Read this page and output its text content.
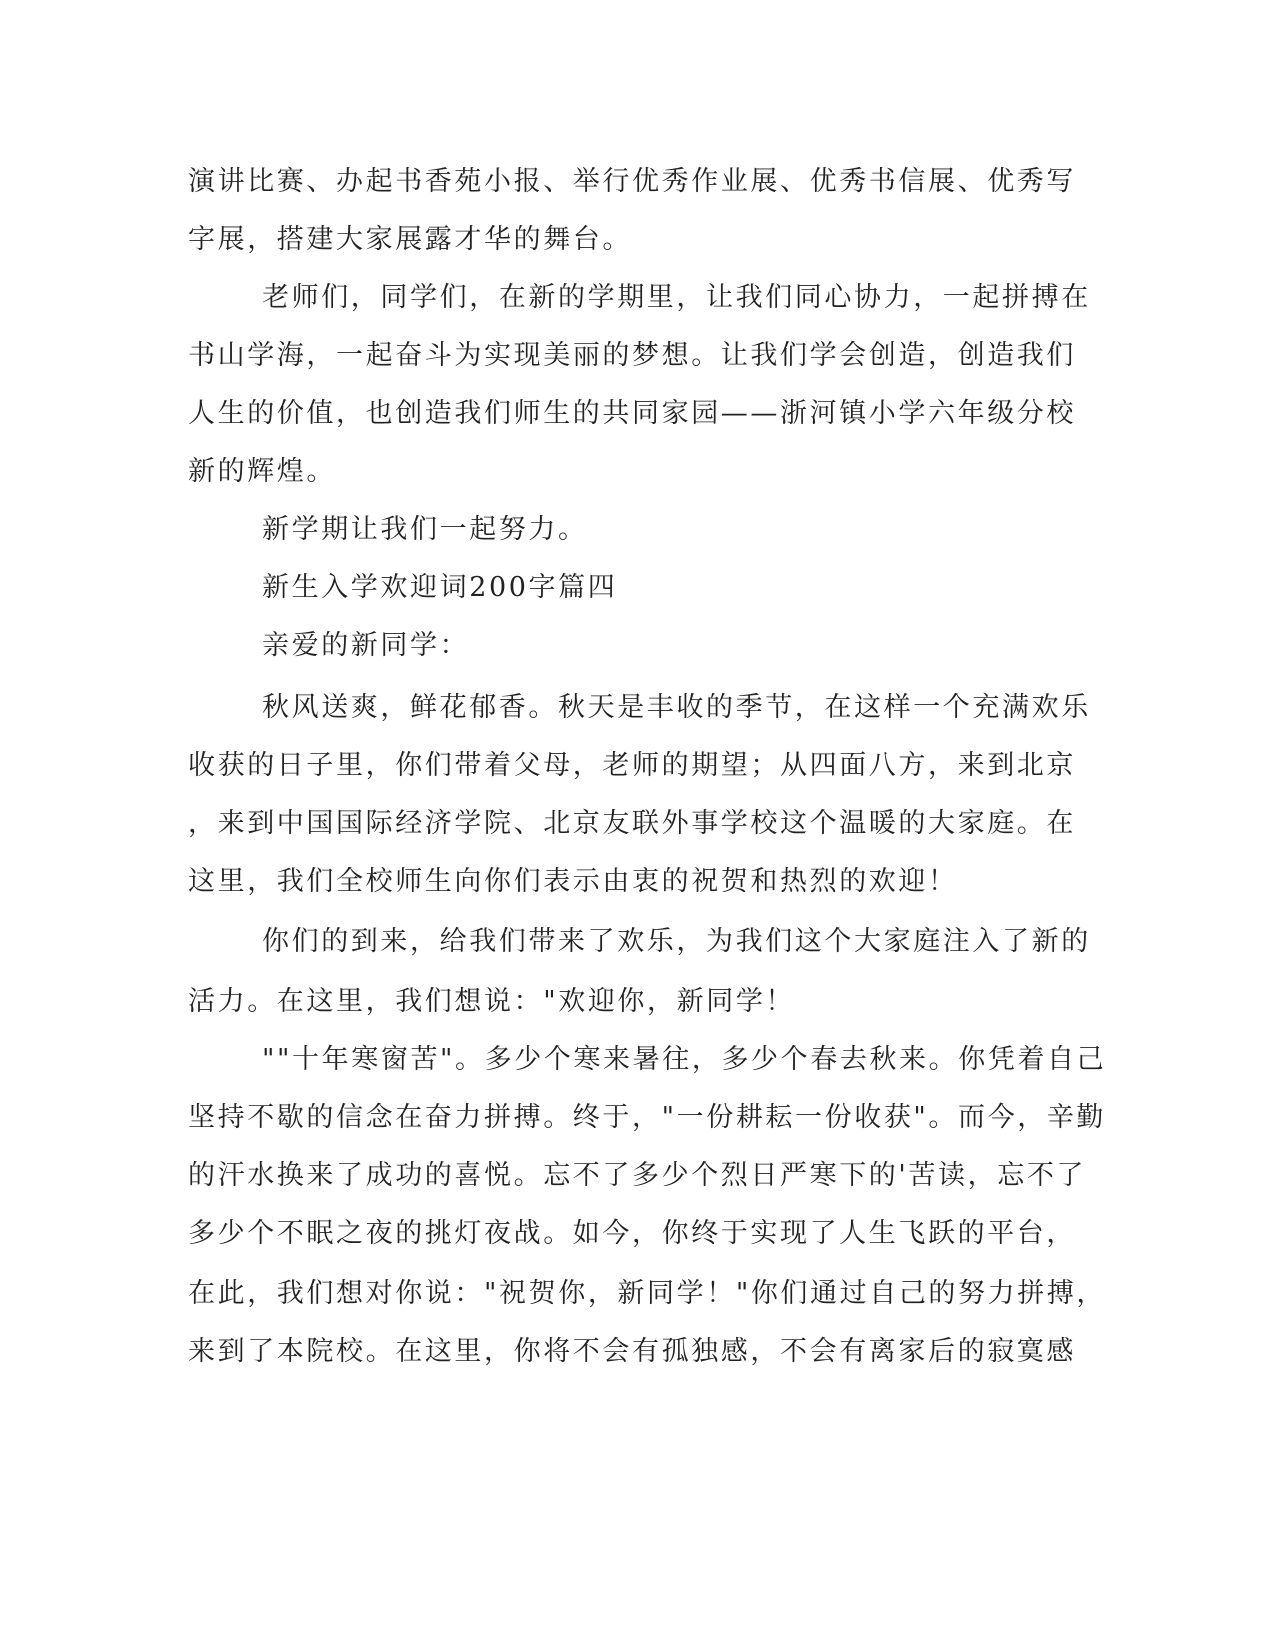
演讲比赛、办起书香苑小报、举行优秀作业展、优秀书信展、优秀写

字展，搭建大家展露才华的舞台。

老师们，同学们，在新的学期里，让我们同心协力，一起拼搏在

书山学海，一起奋斗为实现美丽的梦想。让我们学会创造，创造我们

人生的价值，也创造我们师生的共同家园——浙河镇小学六年级分校

新的辉煌。

新学期让我们一起努力。

新生入学欢迎词200字篇四

亲爱的新同学：

秋风送爽，鲜花郁香。秋天是丰收的季节，在这样一个充满欢乐

收获的日子里，你们带着父母，老师的期望；从四面八方，来到北京

，来到中国国际经济学院、北京友联外事学校这个温暖的大家庭。在

这里，我们全校师生向你们表示由衷的祝贺和热烈的欢迎！

你们的到来，给我们带来了欢乐，为我们这个大家庭注入了新的

活力。在这里，我们想说："欢迎你，新同学！

""十年寒窗苦"。多少个寒来暑往，多少个春去秋来。你凭着自己

坚持不歇的信念在奋力拼搏。终于，"一份耕耘一份收获"。而今，辛勤

的汗水换来了成功的喜悦。忘不了多少个烈日严寒下的'苦读，忘不了

多少个不眠之夜的挑灯夜战。如今，你终于实现了人生飞跃的平台，

在此，我们想对你说："祝贺你，新同学！"你们通过自己的努力拼搏，

来到了本院校。在这里，你将不会有孤独感，不会有离家后的寂寞感
